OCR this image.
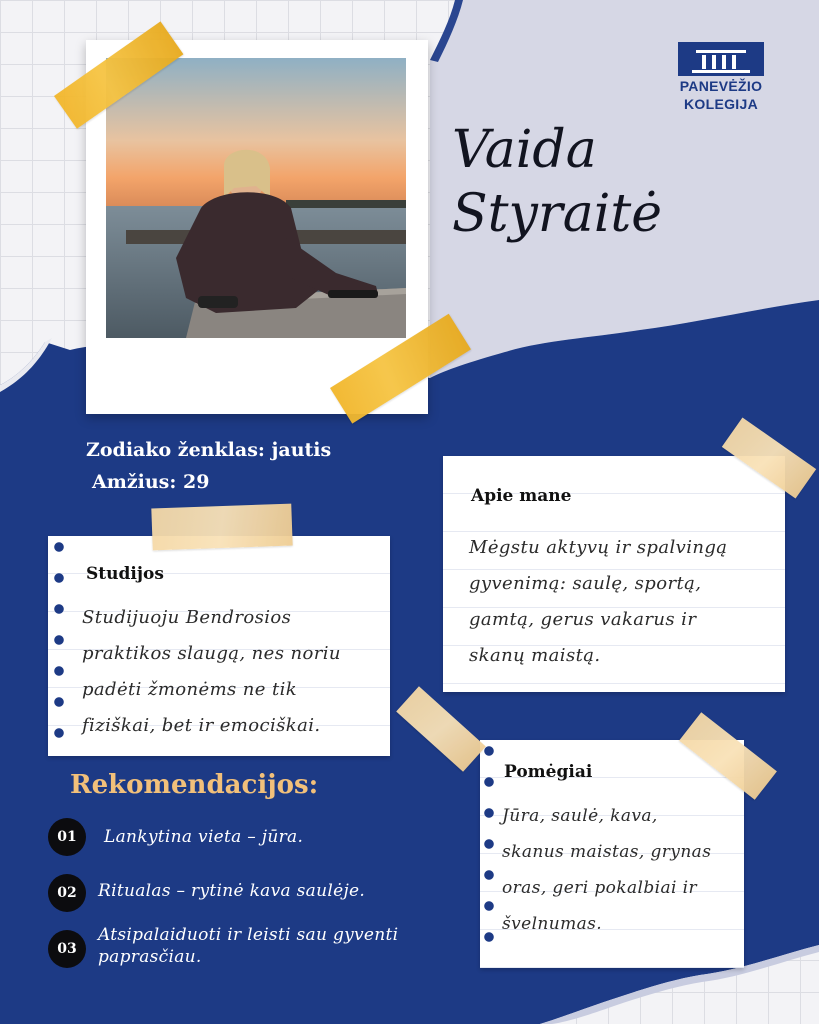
PANEVĖŽIO
KOLEGIJA
Vaida
Styraitė
Zodiako ženklas: jautis
Amžius: 29
Studijos
Studijuoju Bendrosios
praktikos slaugą, nes noriu
padėti žmonėms ne tik
fiziškai, bet ir emociškai.
Apie mane
Mėgstu aktyvų ir spalvingą
gyvenimą: saulę, sportą,
gamtą, gerus vakarus ir
skanų maistą.
Pomėgiai
Jūra, saulė, kava,
skanus maistas, grynas
oras, geri pokalbiai ir
švelnumas.
Rekomendacijos:
01	Lankytina vieta – jūra.
02	Ritualas – rytinė kava saulėje.
03
Atsipalaiduoti ir leisti sau gyventi
paprasčiau.
